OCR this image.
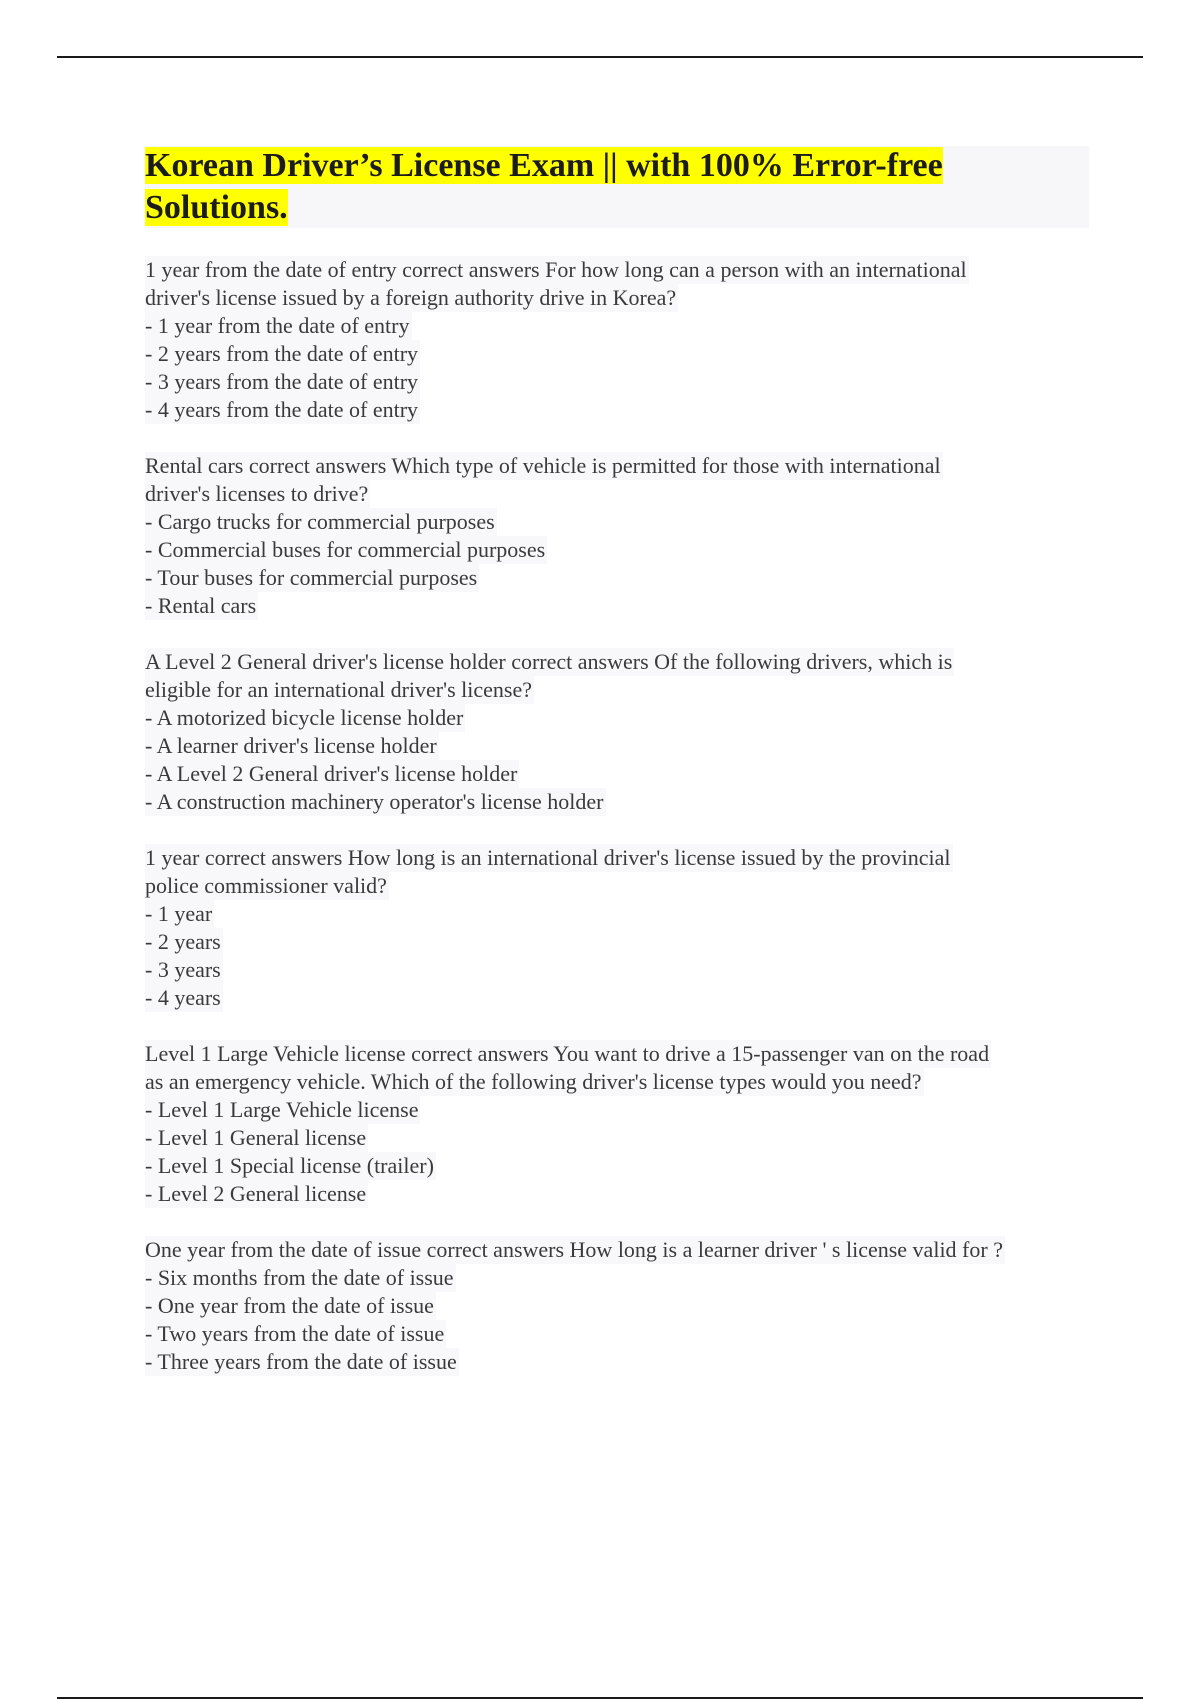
Korean Driver’s License Exam || with 100% Error-free Solutions.
1 year from the date of entry correct answers For how long can a person with an international
driver's license issued by a foreign authority drive in Korea?
- 1 year from the date of entry
- 2 years from the date of entry
- 3 years from the date of entry
- 4 years from the date of entry
Rental cars correct answers Which type of vehicle is permitted for those with international
driver's licenses to drive?
- Cargo trucks for commercial purposes
- Commercial buses for commercial purposes
- Tour buses for commercial purposes
- Rental cars
A Level 2 General driver's license holder correct answers Of the following drivers, which is
eligible for an international driver's license?
- A motorized bicycle license holder
- A learner driver's license holder
- A Level 2 General driver's license holder
- A construction machinery operator's license holder
1 year correct answers How long is an international driver's license issued by the provincial
police commissioner valid?
- 1 year
- 2 years
- 3 years
- 4 years
Level 1 Large Vehicle license correct answers You want to drive a 15-passenger van on the road
as an emergency vehicle. Which of the following driver's license types would you need?
- Level 1 Large Vehicle license
- Level 1 General license
- Level 1 Special license (trailer)
- Level 2 General license
One year from the date of issue correct answers How long is a learner driver ' s license valid for ?
- Six months from the date of issue
- One year from the date of issue
- Two years from the date of issue
- Three years from the date of issue
